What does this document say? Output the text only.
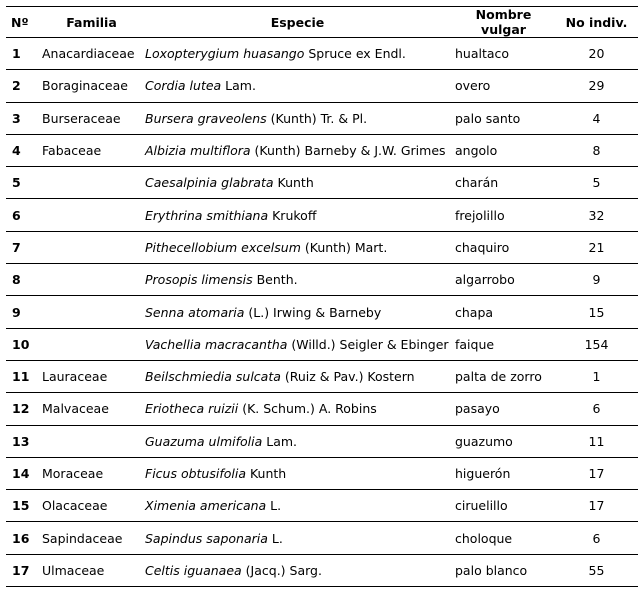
Nº	Familia	Especie	Nombre vulgar	No indiv.
1	Anacardiaceae	Loxopterygium huasango Spruce ex Endl.	hualtaco	20
2	Boraginaceae	Cordia lutea Lam.	overo	29
3	Burseraceae	Bursera graveolens (Kunth) Tr. & Pl.	palo santo	4
4	Fabaceae	Albizia multiflora (Kunth) Barneby & J.W. Grimes	angolo	8
5		Caesalpinia glabrata Kunth	charán	5
6		Erythrina smithiana Krukoff	frejolillo	32
7		Pithecellobium excelsum (Kunth) Mart.	chaquiro	21
8		Prosopis limensis Benth.	algarrobo	9
9		Senna atomaria (L.) Irwing & Barneby	chapa	15
10		Vachellia macracantha (Willd.) Seigler & Ebinger	faique	154
11	Lauraceae	Beilschmiedia sulcata (Ruiz & Pav.) Kostern	palta de zorro	1
12	Malvaceae	Eriotheca ruizii (K. Schum.) A. Robins	pasayo	6
13		Guazuma ulmifolia Lam.	guazumo	11
14	Moraceae	Ficus obtusifolia Kunth	higuerón	17
15	Olacaceae	Ximenia americana L.	ciruelillo	17
16	Sapindaceae	Sapindus saponaria L.	choloque	6
17	Ulmaceae	Celtis iguanaea (Jacq.) Sarg.	palo blanco	55
